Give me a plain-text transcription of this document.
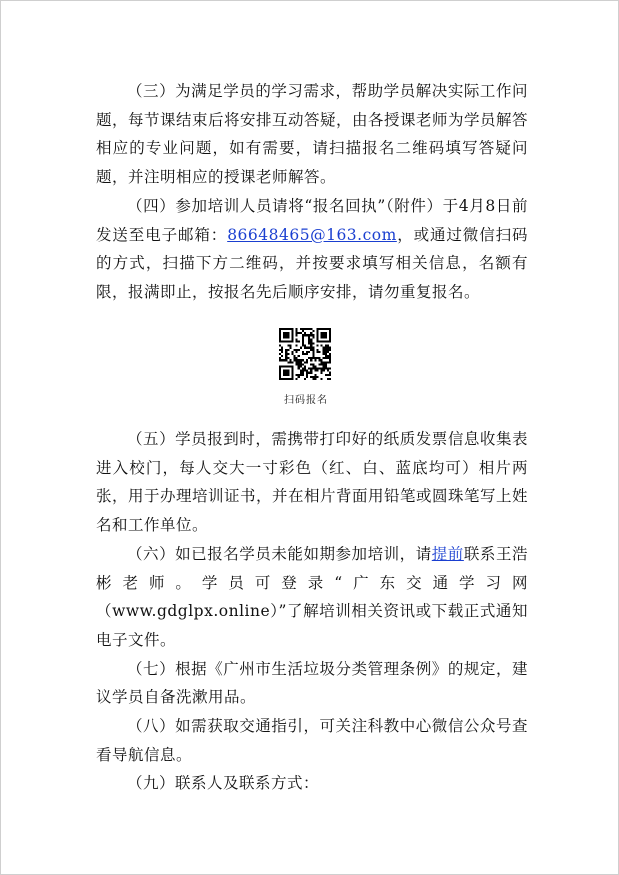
（三）为满足学员的学习需求，帮助学员解决实际工作问题，每节课结束后将安排互动答疑，由各授课老师为学员解答相应的专业问题，如有需要，请扫描报名二维码填写答疑问题，并注明相应的授课老师解答。

（四）参加培训人员请将“报名回执”（附件）于4月8日前发送至电子邮箱：86648465@163.com，或通过微信扫码的方式，扫描下方二维码，并按要求填写相关信息，名额有限，报满即止，按报名先后顺序安排，请勿重复报名。

扫码报名

（五）学员报到时，需携带打印好的纸质发票信息收集表进入校门，每人交大一寸彩色（红、白、蓝底均可）相片两张，用于办理培训证书，并在相片背面用铅笔或圆珠笔写上姓名和工作单位。

（六）如已报名学员未能如期参加培训，请提前联系王浩彬老师。学员可登录“广东交通学习网（www.gdglpx.online）”了解培训相关资讯或下载正式通知电子文件。

（七）根据《广州市生活垃圾分类管理条例》的规定，建议学员自备洗漱用品。

（八）如需获取交通指引，可关注科教中心微信公众号查看导航信息。

（九）联系人及联系方式：
